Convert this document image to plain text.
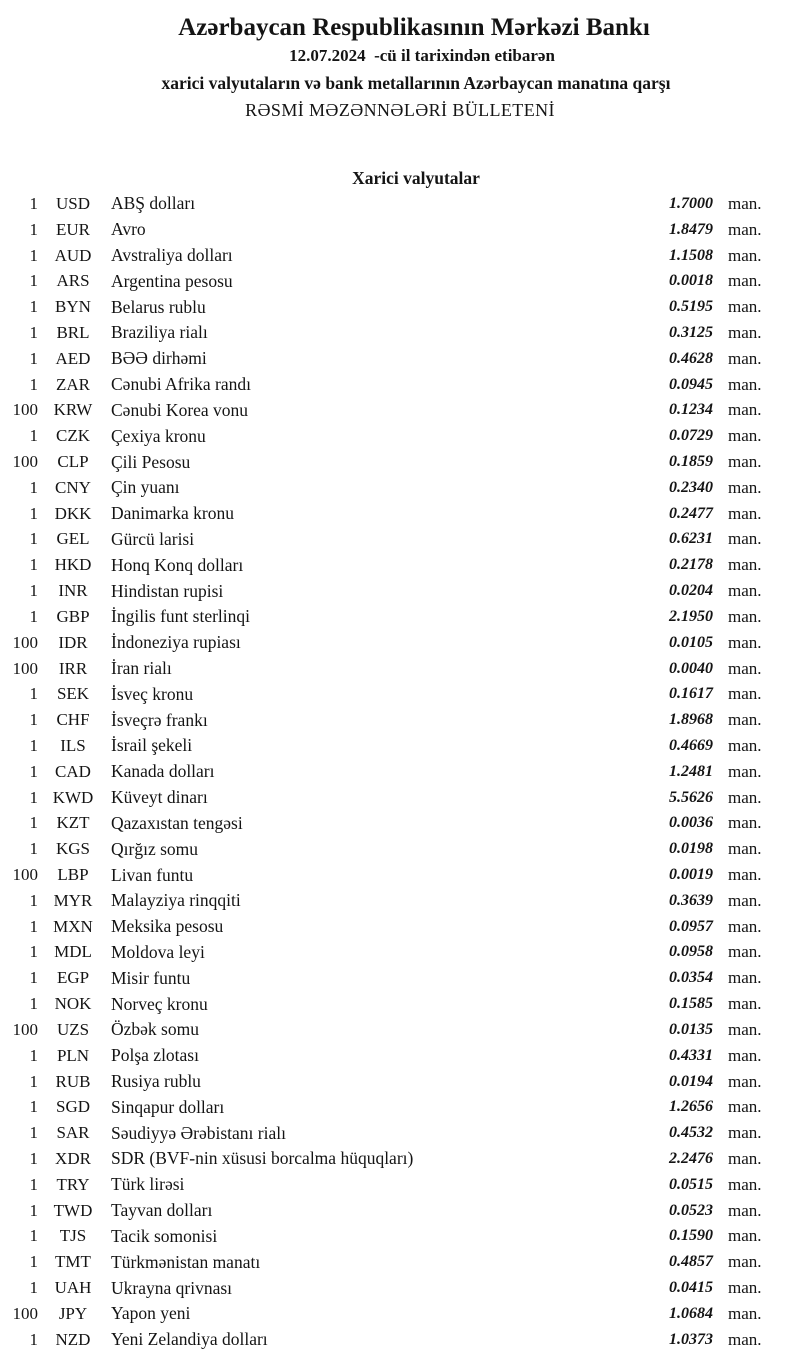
Azərbaycan Respublikasının Mərkəzi Bankı
12.07.2024  -cü il tarixindən etibarən
xarici valyutaların və bank metallarının Azərbaycan manatına qarşı
RƏSMİ MƏZƏNNƏLƏRİ BÜLLETENİ
Xarici valyutalar
1	USD	ABŞ dolları	1.7000 man.
1	EUR	Avro	1.8479 man.
1 AUD	Avstraliya dolları	1.1508 man.
1	ARS	Argentina pesosu	0.0018 man.
1	BYN	Belarus rublu	0.5195 man.
1	BRL	Braziliya rialı	0.3125 man.
1	AED	BƏƏ dirhəmi	0.4628 man.
1	ZAR	Cənubi Afrika randı	0.0945 man.
100 KRW	Cənubi Korea vonu	0.1234 man.
1	CZK	Çexiya kronu	0.0729 man.
100	CLP	Çili Pesosu	0.1859 man.
1	CNY	Çin yuanı	0.2340 man.
1 DKK	Danimarka kronu	0.2477 man.
1	GEL	Gürcü larisi	0.6231 man.
1 HKD	Honq Konq dolları	0.2178 man.
1	INR	Hindistan rupisi	0.0204 man.
1	GBP	İngilis funt sterlinqi	2.1950 man.
100	IDR	İndoneziya rupiası	0.0105 man.
100	IRR	İran rialı	0.0040 man.
1	SEK	İsveç kronu	0.1617 man.
1	CHF	İsveçrə frankı	1.8968 man.
1	ILS	İsrail şekeli	0.4669 man.
1	CAD	Kanada dolları	1.2481 man.
1 KWD	Küveyt dinarı	5.5626 man.
1	KZT	Qazaxıstan tengəsi	0.0036 man.
1	KGS	Qırğız somu	0.0198 man.
100	LBP	Livan funtu	0.0019 man.
1 MYR	Malayziya rinqqiti	0.3639 man.
1 MXN	Meksika pesosu	0.0957 man.
1 MDL	Moldova leyi	0.0958 man.
1	EGP	Misir funtu	0.0354 man.
1 NOK	Norveç kronu	0.1585 man.
100	UZS	Özbək somu	0.0135 man.
1	PLN	Polşa zlotası	0.4331 man.
1	RUB	Rusiya rublu	0.0194 man.
1	SGD	Sinqapur dolları	1.2656 man.
1	SAR	Səudiyyə Ərəbistanı rialı	0.4532 man.
1	XDR	SDR (BVF-nin xüsusi borcalma hüquqları)	2.2476 man.
1	TRY	Türk lirəsi	0.0515 man.
1 TWD	Tayvan dolları	0.0523 man.
1	TJS	Tacik somonisi	0.1590 man.
1	TMT	Türkmənistan manatı	0.4857 man.
1 UAH	Ukrayna qrivnası	0.0415 man.
100	JPY	Yapon yeni	1.0684 man.
1	NZD	Yeni Zelandiya dolları	1.0373 man.
